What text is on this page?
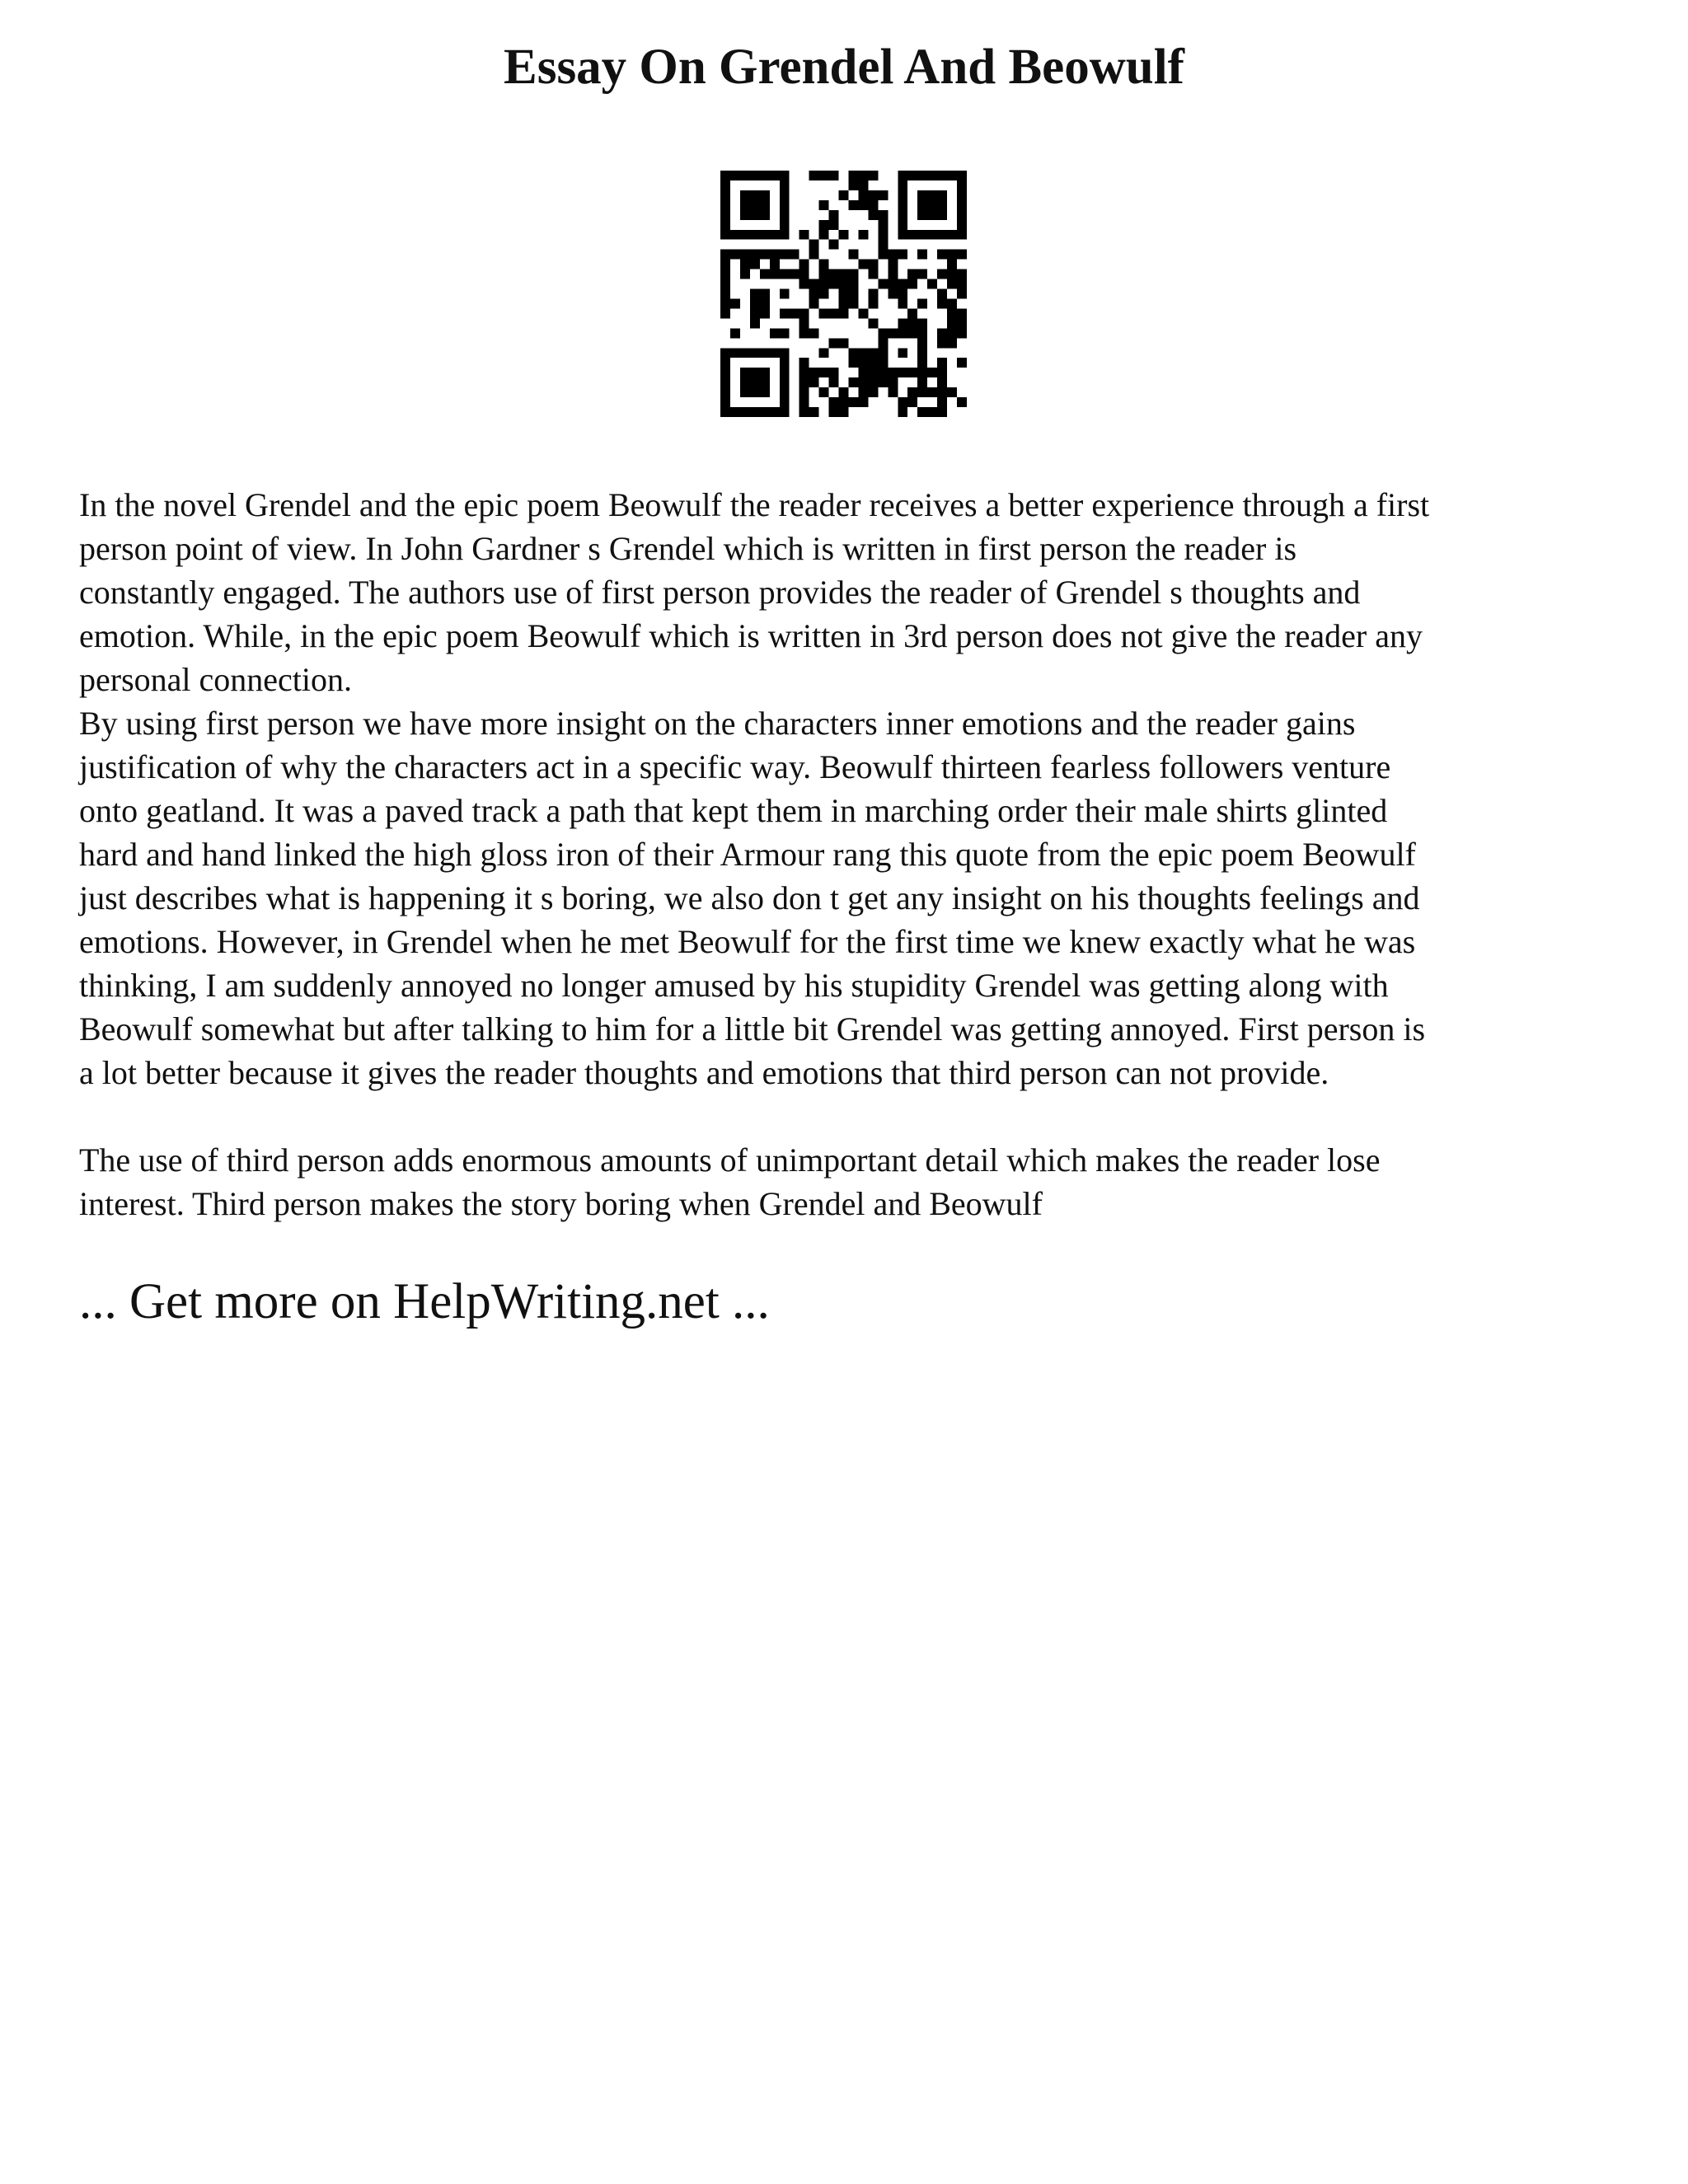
Essay On Grendel And Beowulf

In the novel Grendel and the epic poem Beowulf the reader receives a better experience through a first
person point of view. In John Gardner s Grendel which is written in first person the reader is
constantly engaged. The authors use of first person provides the reader of Grendel s thoughts and
emotion. While, in the epic poem Beowulf which is written in 3rd person does not give the reader any
personal connection.

By using first person we have more insight on the characters inner emotions and the reader gains
justification of why the characters act in a specific way. Beowulf thirteen fearless followers venture
onto geatland. It was a paved track a path that kept them in marching order their male shirts glinted
hard and hand linked the high gloss iron of their Armour rang this quote from the epic poem Beowulf
just describes what is happening it s boring, we also don t get any insight on his thoughts feelings and
emotions. However, in Grendel when he met Beowulf for the first time we knew exactly what he was
thinking, I am suddenly annoyed no longer amused by his stupidity Grendel was getting along with
Beowulf somewhat but after talking to him for a little bit Grendel was getting annoyed. First person is
a lot better because it gives the reader thoughts and emotions that third person can not provide.

The use of third person adds enormous amounts of unimportant detail which makes the reader lose
interest. Third person makes the story boring when Grendel and Beowulf

... Get more on HelpWriting.net ...
